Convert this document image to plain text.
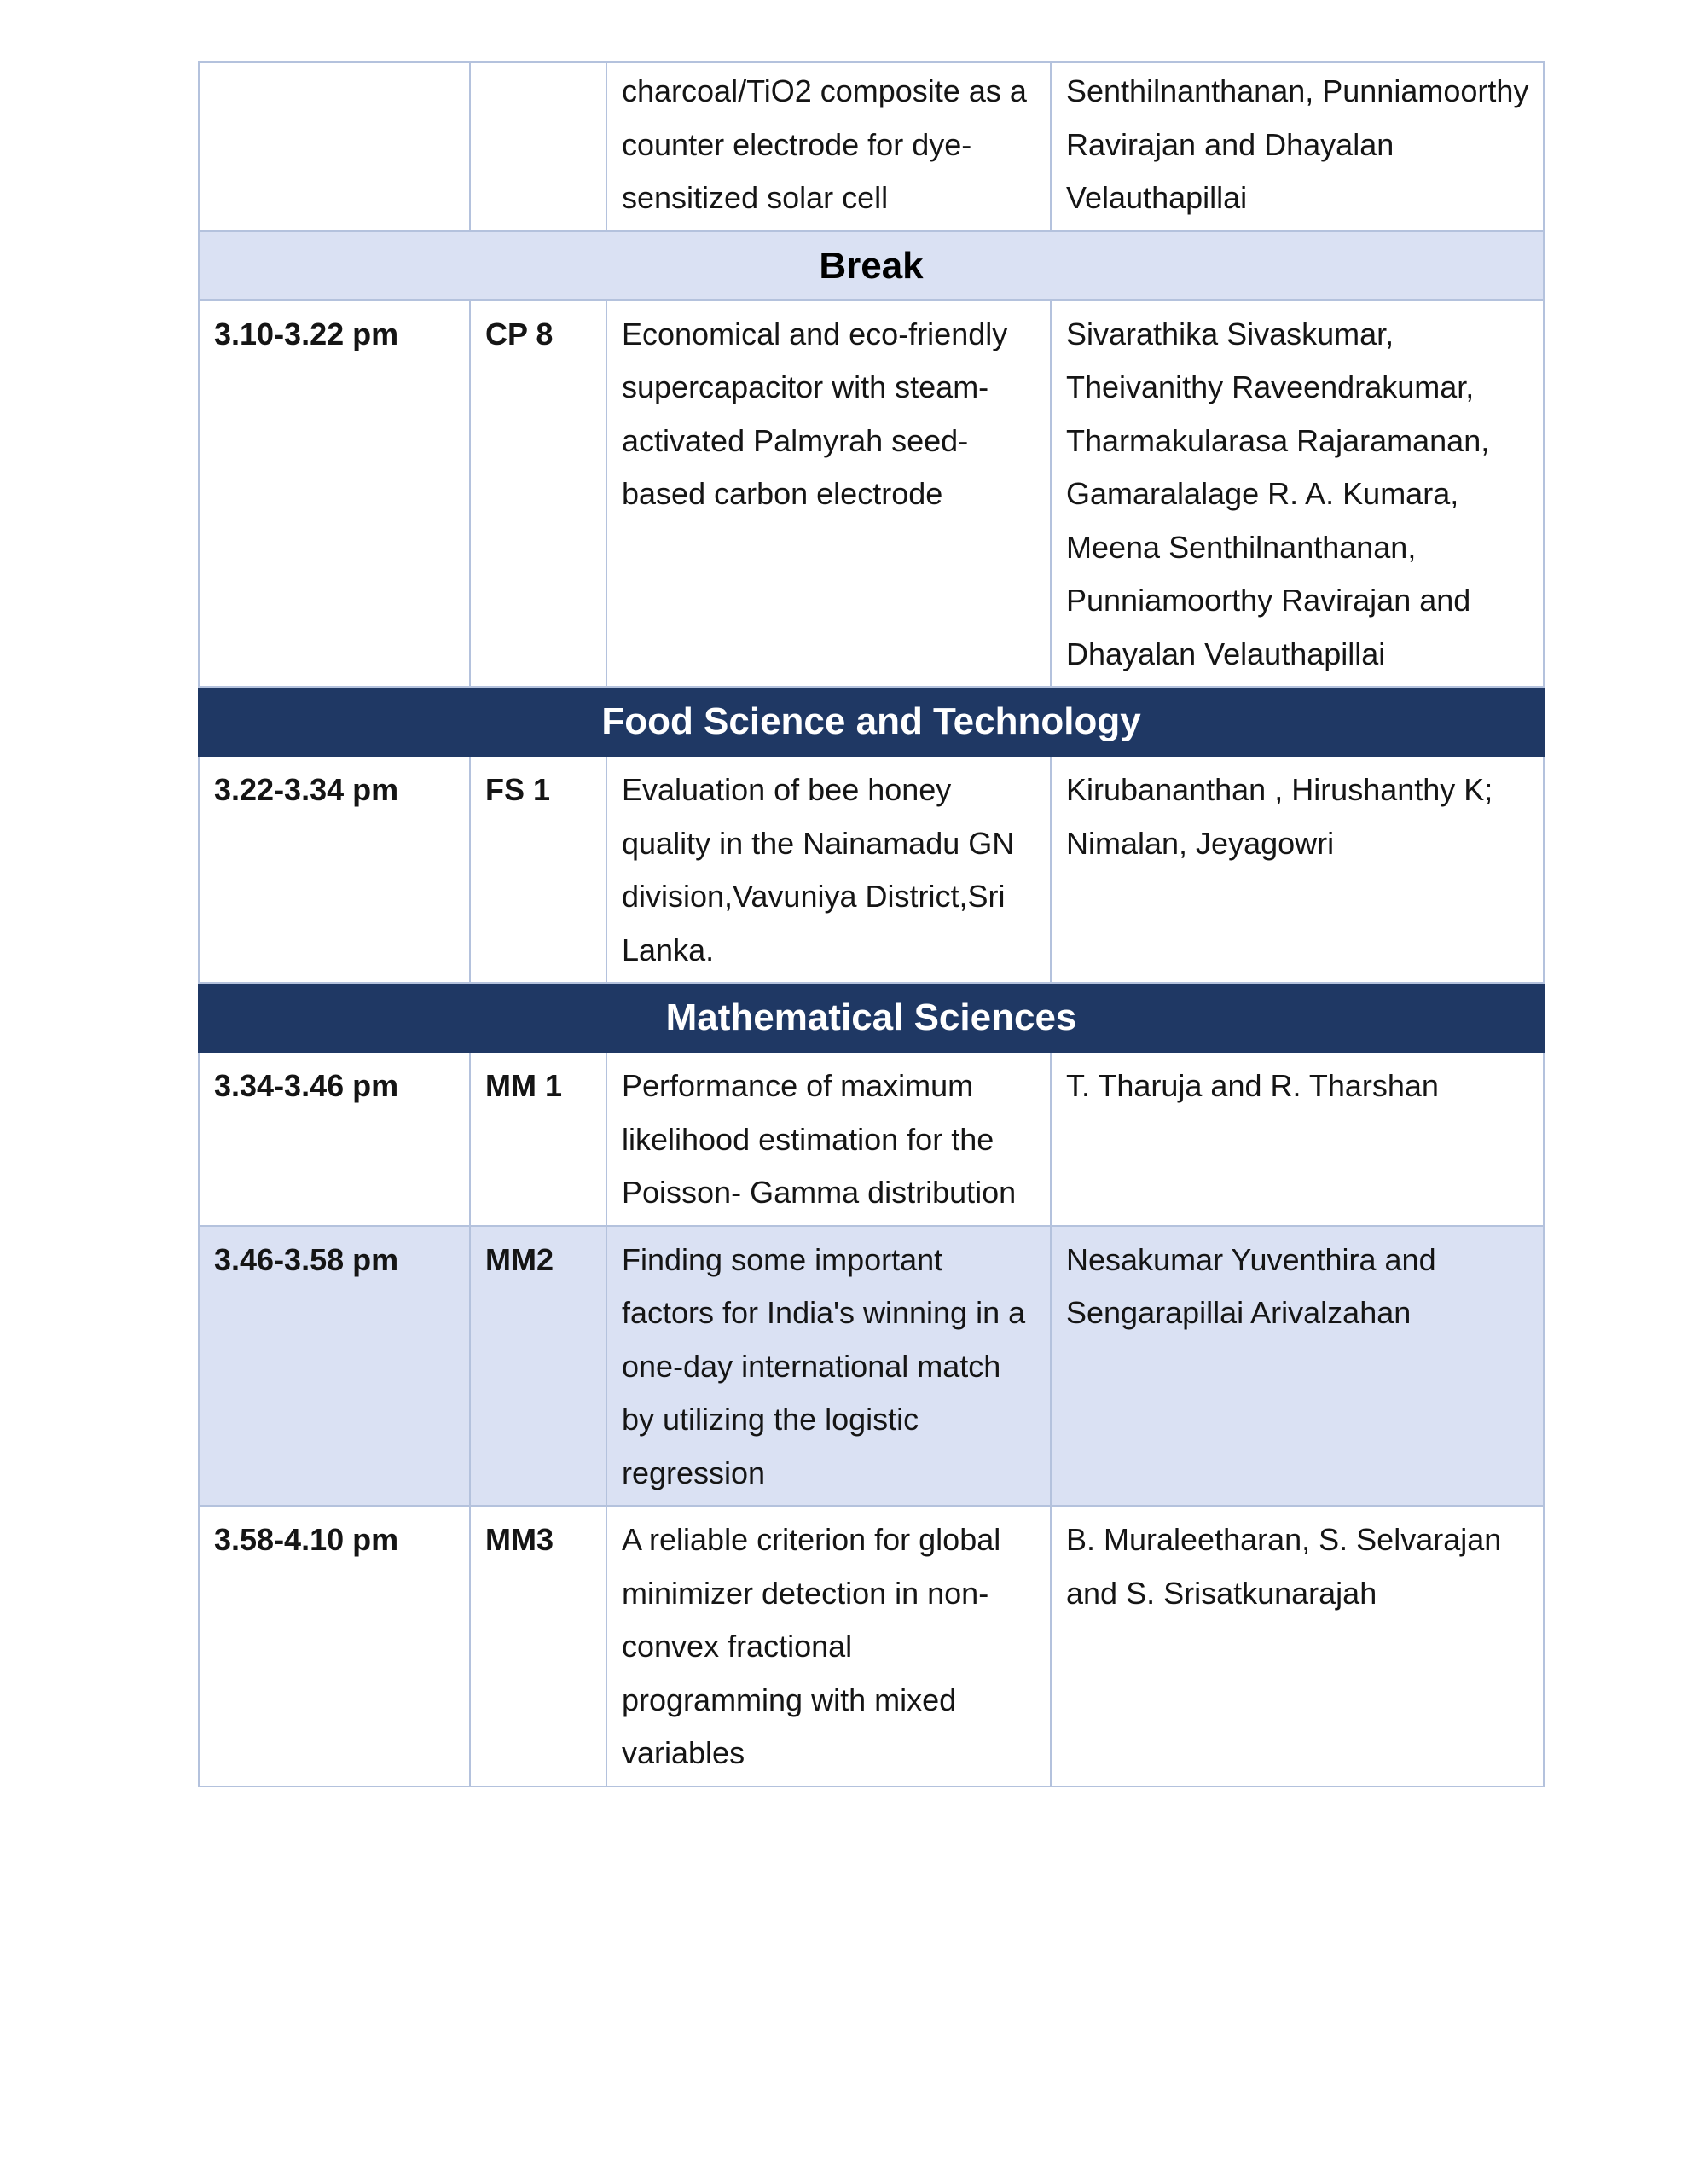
		charcoal/TiO2 composite as a counter electrode for dye-sensitized solar cell	Senthilnanthanan, Punniamoorthy Ravirajan and Dhayalan Velauthapillai
Break			
3.10-3.22 pm	CP 8	Economical and eco-friendly supercapacitor with steam-activated Palmyrah seed-based carbon electrode	Sivarathika Sivaskumar, Theivanithy Raveendrakumar, Tharmakularasa Rajaramanan, Gamaralalage R. A. Kumara, Meena Senthilnanthanan, Punniamoorthy Ravirajan and Dhayalan Velauthapillai
Food Science and Technology			
3.22-3.34 pm	FS 1	Evaluation of bee honey quality in the Nainamadu GN division,Vavuniya District,Sri Lanka.	Kirubananthan , Hirushanthy K; Nimalan, Jeyagowri
Mathematical Sciences			
3.34-3.46 pm	MM 1	Performance of maximum likelihood estimation for the Poisson- Gamma distribution	T. Tharuja and R. Tharshan
3.46-3.58 pm	MM2	Finding some important factors for India's winning in a one-day international match by utilizing the logistic regression	Nesakumar Yuventhira and Sengarapillai Arivalzahan
3.58-4.10 pm	MM3	A reliable criterion for global minimizer detection in non-convex fractional programming with mixed variables	B. Muraleetharan, S. Selvarajan and S. Srisatkunarajah
